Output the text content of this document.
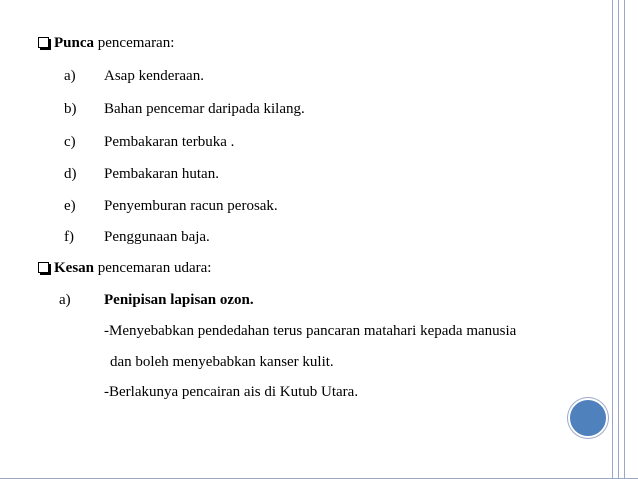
Punca pencemaran:
a) Asap kenderaan.
b) Bahan pencemar daripada kilang.
c) Pembakaran terbuka .
d) Pembakaran hutan.
e) Penyemburan racun perosak.
f) Penggunaan baja.
Kesan pencemaran udara:
a) Penipisan lapisan ozon.
-Menyebabkan pendedahan terus pancaran matahari kepada manusia
dan boleh menyebabkan kanser kulit.
-Berlakunya pencairan ais di Kutub Utara.
